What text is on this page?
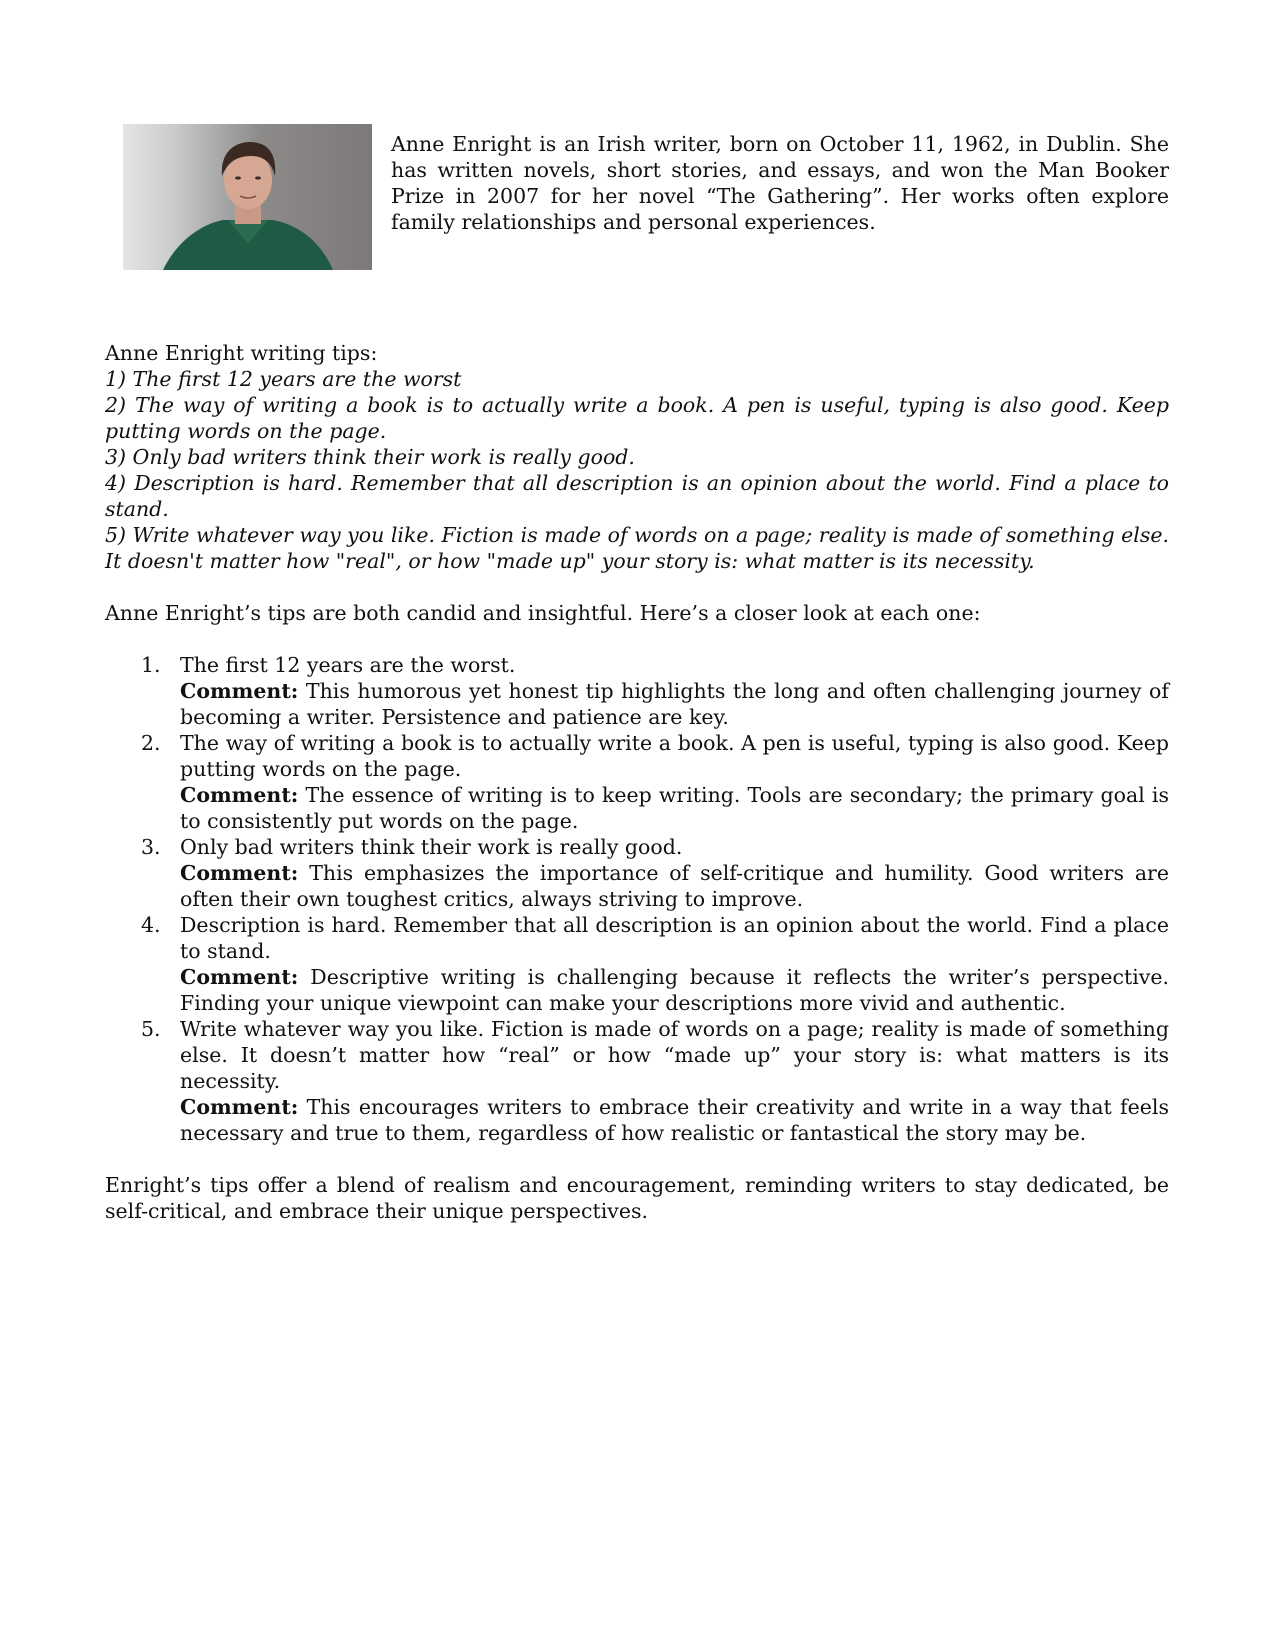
Anne Enright is an Irish writer, born on October 11, 1962, in Dublin. She has written novels, short stories, and essays, and won the Man Booker Prize in 2007 for her novel “The Gathering”. Her works often explore family relationships and personal experiences.

Anne Enright writing tips:

1) The first 12 years are the worst

2) The way of writing a book is to actually write a book. A pen is useful, typing is also good. Keep putting words on the page.

3) Only bad writers think their work is really good.

4) Description is hard. Remember that all description is an opinion about the world. Find a place to stand.

5) Write whatever way you like. Fiction is made of words on a page; reality is made of something else. It doesn't matter how "real", or how "made up" your story is: what matter is its necessity.

Anne Enright’s tips are both candid and insightful. Here’s a closer look at each one:

1. The first 12 years are the worst.
Comment: This humorous yet honest tip highlights the long and often challenging journey of becoming a writer. Persistence and patience are key.
2. The way of writing a book is to actually write a book. A pen is useful, typing is also good. Keep putting words on the page.
Comment: The essence of writing is to keep writing. Tools are secondary; the primary goal is to consistently put words on the page.
3. Only bad writers think their work is really good.
Comment: This emphasizes the importance of self-critique and humility. Good writers are often their own toughest critics, always striving to improve.
4. Description is hard. Remember that all description is an opinion about the world. Find a place to stand.
Comment: Descriptive writing is challenging because it reflects the writer’s perspective. Finding your unique viewpoint can make your descriptions more vivid and authentic.
5. Write whatever way you like. Fiction is made of words on a page; reality is made of something else. It doesn’t matter how “real” or how “made up” your story is: what matters is its necessity.
Comment: This encourages writers to embrace their creativity and write in a way that feels necessary and true to them, regardless of how realistic or fantastical the story may be.

Enright’s tips offer a blend of realism and encouragement, reminding writers to stay dedicated, be self-critical, and embrace their unique perspectives.
